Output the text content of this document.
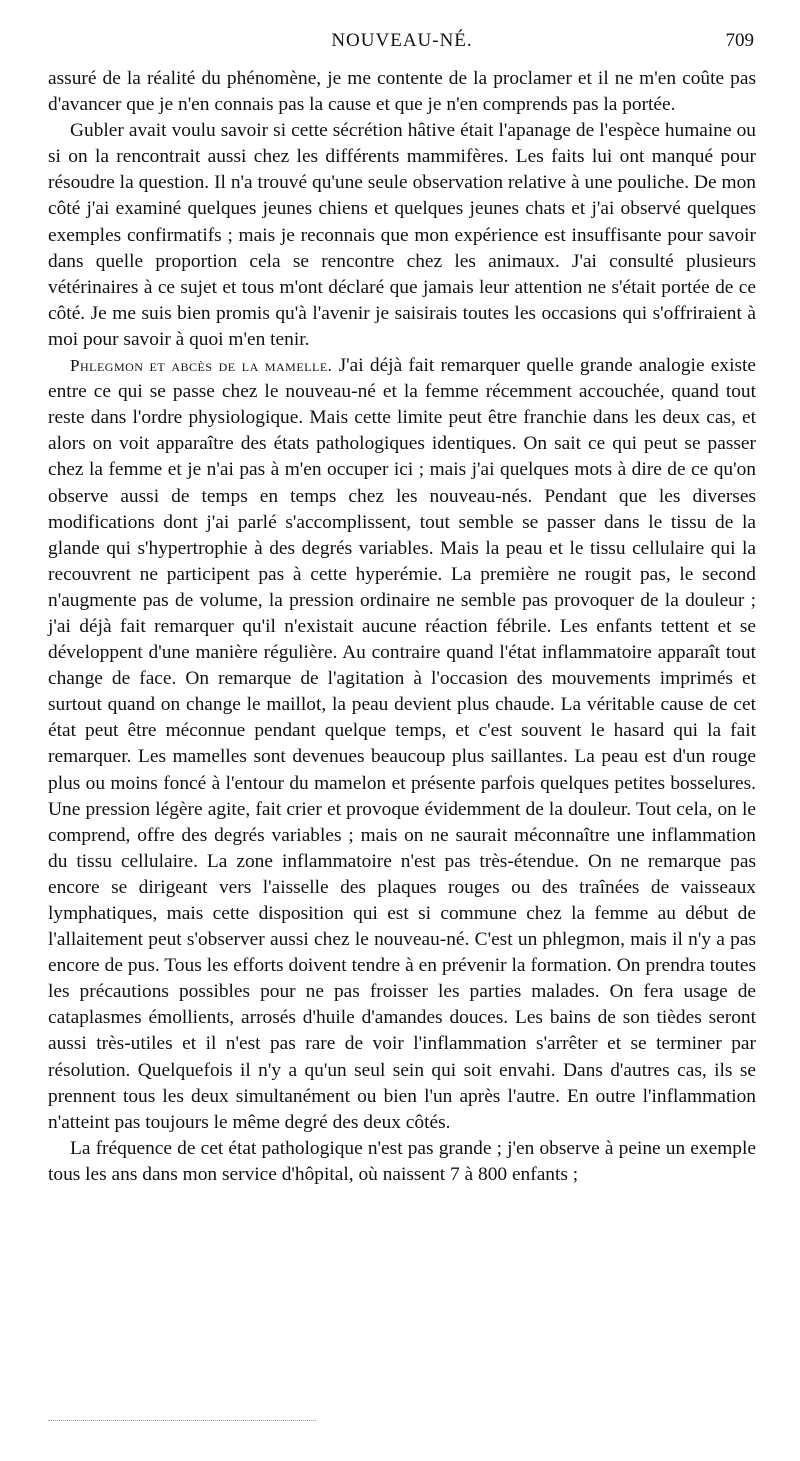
NOUVEAU-NÉ.	709

assuré de la réalité du phénomène, je me contente de la proclamer et il ne m'en coûte pas d'avancer que je n'en connais pas la cause et que je n'en comprends pas la portée.

Gubler avait voulu savoir si cette sécrétion hâtive était l'apanage de l'espèce humaine ou si on la rencontrait aussi chez les différents mammifères. Les faits lui ont manqué pour résoudre la question. Il n'a trouvé qu'une seule observation relative à une pouliche. De mon côté j'ai examiné quelques jeunes chiens et quelques jeunes chats et j'ai observé quelques exemples confirmatifs ; mais je reconnais que mon expérience est insuffisante pour savoir dans quelle proportion cela se rencontre chez les animaux. J'ai consulté plusieurs vétérinaires à ce sujet et tous m'ont déclaré que jamais leur attention ne s'était portée de ce côté. Je me suis bien promis qu'à l'avenir je saisirais toutes les occasions qui s'offriraient à moi pour savoir à quoi m'en tenir.

Phlegmon et abcès de la mamelle. J'ai déjà fait remarquer quelle grande analogie existe entre ce qui se passe chez le nouveau-né et la femme récemment accouchée, quand tout reste dans l'ordre physiologique. Mais cette limite peut être franchie dans les deux cas, et alors on voit apparaître des états pathologiques identiques. On sait ce qui peut se passer chez la femme et je n'ai pas à m'en occuper ici ; mais j'ai quelques mots à dire de ce qu'on observe aussi de temps en temps chez les nouveau-nés. Pendant que les diverses modifications dont j'ai parlé s'accomplissent, tout semble se passer dans le tissu de la glande qui s'hypertrophie à des degrés variables. Mais la peau et le tissu cellulaire qui la recouvrent ne participent pas à cette hyperémie. La première ne rougit pas, le second n'augmente pas de volume, la pression ordinaire ne semble pas provoquer de la douleur ; j'ai déjà fait remarquer qu'il n'existait aucune réaction fébrile. Les enfants tettent et se développent d'une manière régulière. Au contraire quand l'état inflammatoire apparaît tout change de face. On remarque de l'agitation à l'occasion des mouvements imprimés et surtout quand on change le maillot, la peau devient plus chaude. La véritable cause de cet état peut être méconnue pendant quelque temps, et c'est souvent le hasard qui la fait remarquer. Les mamelles sont devenues beaucoup plus saillantes. La peau est d'un rouge plus ou moins foncé à l'entour du mamelon et présente parfois quelques petites bosselures. Une pression légère agite, fait crier et provoque évidemment de la douleur. Tout cela, on le comprend, offre des degrés variables ; mais on ne saurait méconnaître une inflammation du tissu cellulaire. La zone inflammatoire n'est pas très-étendue. On ne remarque pas encore se dirigeant vers l'aisselle des plaques rouges ou des traînées de vaisseaux lymphatiques, mais cette disposition qui est si commune chez la femme au début de l'allaitement peut s'observer aussi chez le nouveau-né. C'est un phlegmon, mais il n'y a pas encore de pus. Tous les efforts doivent tendre à en prévenir la formation. On prendra toutes les précautions possibles pour ne pas froisser les parties malades. On fera usage de cataplasmes émollients, arrosés d'huile d'amandes douces. Les bains de son tièdes seront aussi très-utiles et il n'est pas rare de voir l'inflammation s'arrêter et se terminer par résolution. Quelquefois il n'y a qu'un seul sein qui soit envahi. Dans d'autres cas, ils se prennent tous les deux simultanément ou bien l'un après l'autre. En outre l'inflammation n'atteint pas toujours le même degré des deux côtés.

La fréquence de cet état pathologique n'est pas grande ; j'en observe à peine un exemple tous les ans dans mon service d'hôpital, où naissent 7 à 800 enfants ;
